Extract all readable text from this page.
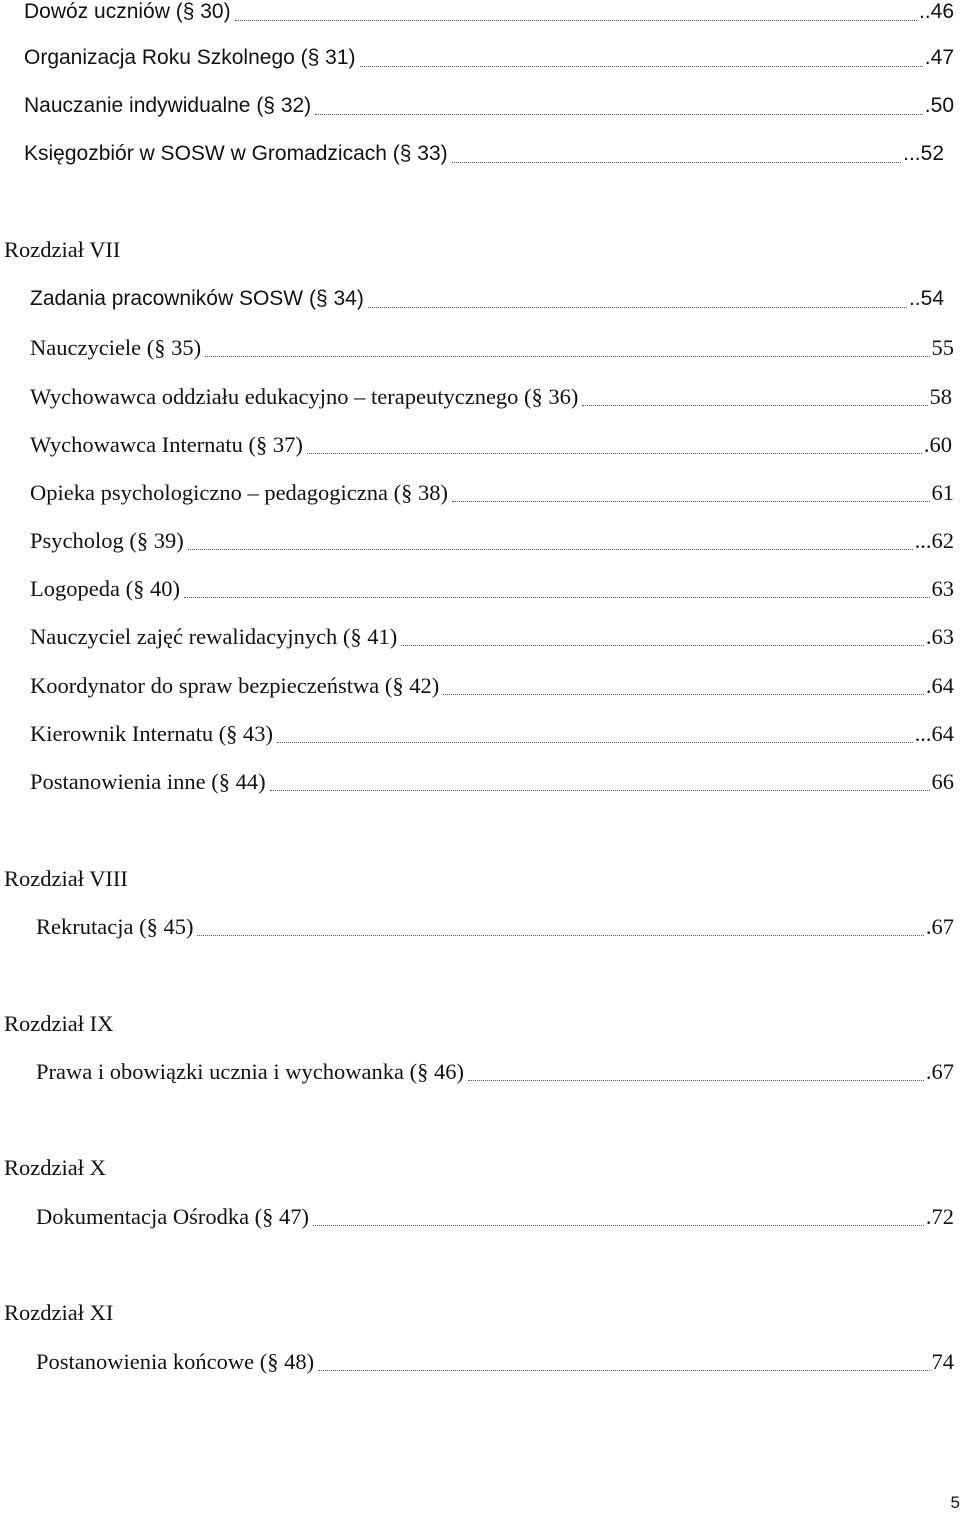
Dowóz uczniów (§ 30)	.. 46
Organizacja Roku Szkolnego (§ 31)	. 47
Nauczanie indywidualne (§ 32)	. 50
Księgozbiór w SOSW w Gromadzicach (§ 33)	... 52
Rozdział VII
Zadania pracowników SOSW (§ 34)	.. 54
Nauczyciele (§ 35)	55
Wychowawca oddziału edukacyjno – terapeutycznego (§ 36)	58
Wychowawca Internatu (§ 37)	. 60
Opieka psychologiczno – pedagogiczna (§ 38)	61
Psycholog (§ 39)	... 62
Logopeda (§ 40)	63
Nauczyciel zajęć rewalidacyjnych (§ 41)	. 63
Koordynator do spraw bezpieczeństwa (§ 42)	. 64
Kierownik Internatu (§ 43)	... 64
Postanowienia inne (§ 44)	66
Rozdział VIII
Rekrutacja (§ 45)	. 67
Rozdział IX
Prawa i obowiązki ucznia i wychowanka (§ 46)	. 67
Rozdział X
Dokumentacja Ośrodka (§ 47)	. 72
Rozdział XI
Postanowienia końcowe (§ 48)	74
5
